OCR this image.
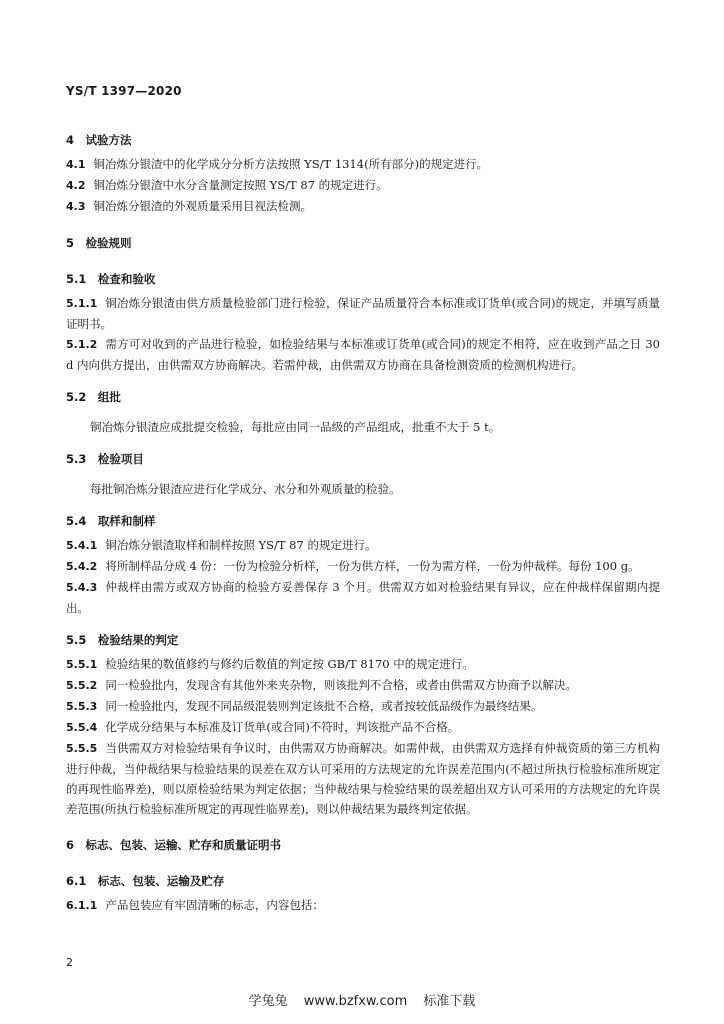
YS/T 1397—2020
4　试验方法
4.1 铜冶炼分银渣中的化学成分分析方法按照 YS/T 1314(所有部分)的规定进行。
4.2 铜冶炼分银渣中水分含量测定按照 YS/T 87 的规定进行。
4.3 铜冶炼分银渣的外观质量采用目视法检测。
5　检验规则
5.1　检查和验收
5.1.1 铜冶炼分银渣由供方质量检验部门进行检验，保证产品质量符合本标准或订货单(或合同)的规定，并填写质量证明书。
5.1.2 需方可对收到的产品进行检验，如检验结果与本标准或订货单(或合同)的规定不相符，应在收到产品之日 30 d 内向供方提出，由供需双方协商解决。若需仲裁，由供需双方协商在具备检测资质的检测机构进行。
5.2　组批
铜冶炼分银渣应成批提交检验，每批应由同一品级的产品组成，批重不大于 5 t。
5.3　检验项目
每批铜冶炼分银渣应进行化学成分、水分和外观质量的检验。
5.4　取样和制样
5.4.1 铜冶炼分银渣取样和制样按照 YS/T 87 的规定进行。
5.4.2 将所制样品分成 4 份：一份为检验分析样，一份为供方样，一份为需方样，一份为仲裁样。每份 100 g。
5.4.3 仲裁样由需方或双方协商的检验方妥善保存 3 个月。供需双方如对检验结果有异议，应在仲裁样保留期内提出。
5.5　检验结果的判定
5.5.1 检验结果的数值修约与修约后数值的判定按 GB/T 8170 中的规定进行。
5.5.2 同一检验批内，发现含有其他外来夹杂物，则该批判不合格，或者由供需双方协商予以解决。
5.5.3 同一检验批内，发现不同品级混装则判定该批不合格，或者按较低品级作为最终结果。
5.5.4 化学成分结果与本标准及订货单(或合同)不符时，判该批产品不合格。
5.5.5 当供需双方对检验结果有争议时，由供需双方协商解决。如需仲裁，由供需双方选择有仲裁资质的第三方机构进行仲裁，当仲裁结果与检验结果的误差在双方认可采用的方法规定的允许误差范围内(不超过所执行检验标准所规定的再现性临界差)，则以原检验结果为判定依据；当仲裁结果与检验结果的误差超出双方认可采用的方法规定的允许误差范围(所执行检验标准所规定的再现性临界差)，则以仲裁结果为最终判定依据。
6　标志、包装、运输、贮存和质量证明书
6.1　标志、包装、运输及贮存
6.1.1 产品包装应有牢固清晰的标志，内容包括：
2
学兔兔 www.bzfxw.com 标准下载
